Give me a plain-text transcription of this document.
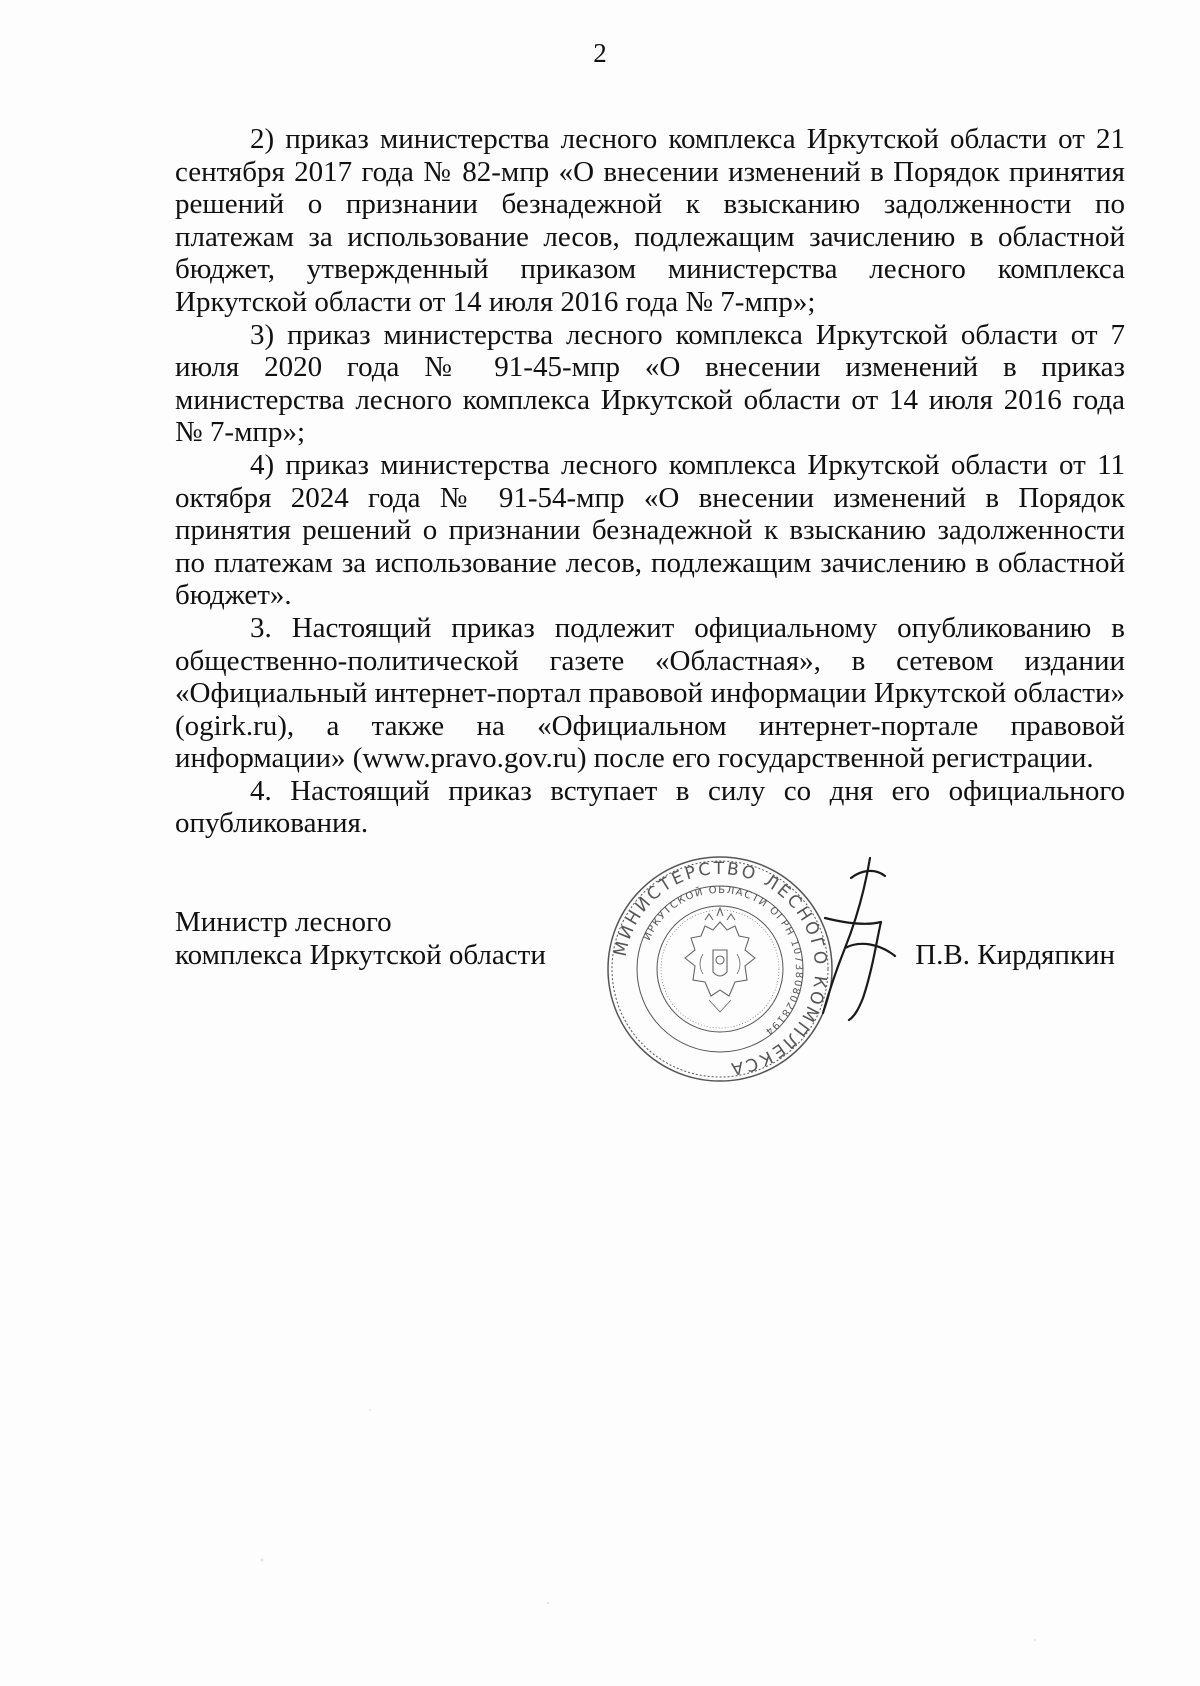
2

2) приказ министерства лесного комплекса Иркутской области от 21 сентября 2017 года № 82-мпр «О внесении изменений в Порядок принятия решений о признании безнадежной к взысканию задолженности по платежам за использование лесов, подлежащим зачислению в областной бюджет, утвержденный приказом министерства лесного комплекса Иркутской области от 14 июля 2016 года № 7-мпр»;

3) приказ министерства лесного комплекса Иркутской области от 7 июля 2020 года № 91-45-мпр «О внесении изменений в приказ министерства лесного комплекса Иркутской области от 14 июля 2016 года № 7-мпр»;

4) приказ министерства лесного комплекса Иркутской области от 11 октября 2024 года № 91-54-мпр «О внесении изменений в Порядок принятия решений о признании безнадежной к взысканию задолженности по платежам за использование лесов, подлежащим зачислению в областной бюджет».

3. Настоящий приказ подлежит официальному опубликованию в общественно-политической газете «Областная», в сетевом издании «Официальный интернет-портал правовой информации Иркутской области» (ogirk.ru), а также на «Официальном интернет-портале правовой информации» (www.pravo.gov.ru) после его государственной регистрации.

4. Настоящий приказ вступает в силу со дня его официального опубликования.

Министр лесного
комплекса Иркутской области	МИНИСТЕРСТВО ЛЕСНОГО КОМПЛЕКСА
ИРКУТСКОЙ ОБЛАСТИ ОГРН 1073808028194
П.В. Кирдяпкин
